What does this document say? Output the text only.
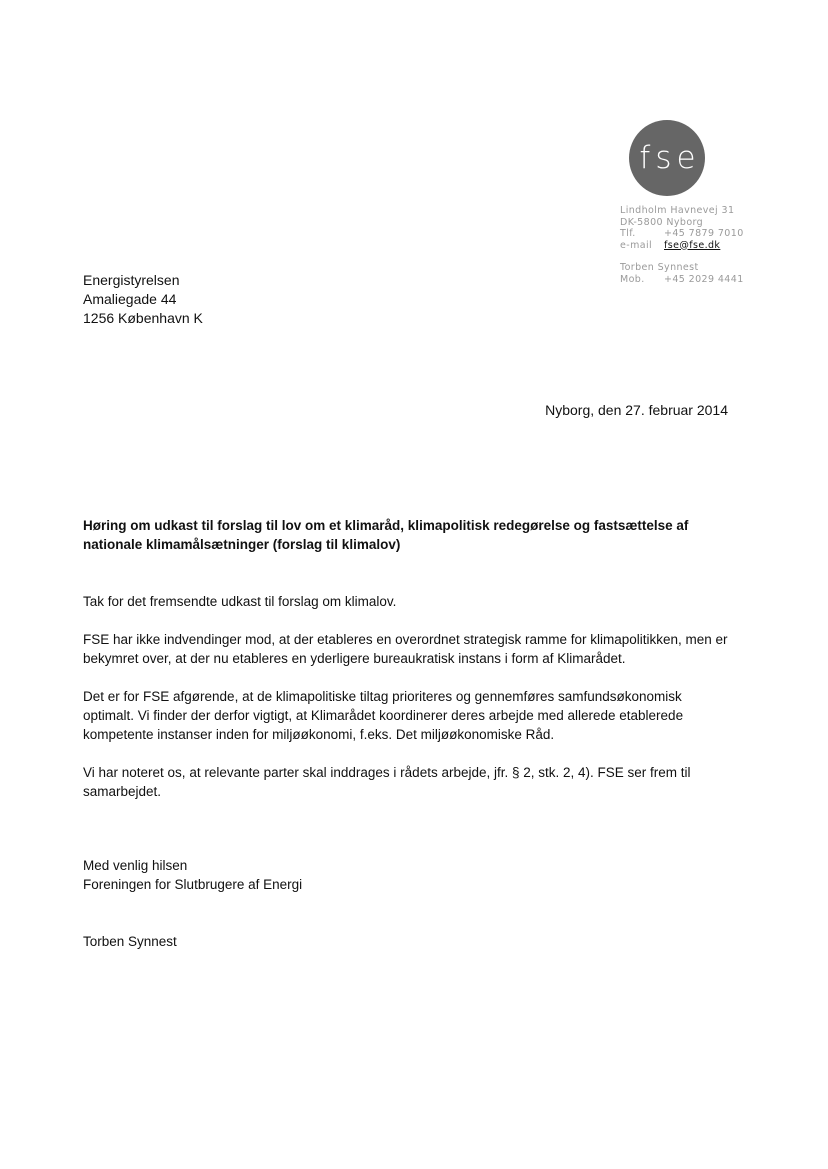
fse
Lindholm Havnevej 31
DK-5800 Nyborg
Tlf.	+45 7879 7010
e-mail fse@fse.dk
Torben Synnest
Mob. +45 2029 4441
Energistyrelsen
Amaliegade 44
1256 København K
Nyborg, den 27. februar 2014
Høring om udkast til forslag til lov om et klimaråd, klimapolitisk redegørelse og fastsættelse af nationale klimamålsætninger (forslag til klimalov)

Tak for det fremsendte udkast til forslag om klimalov.

FSE har ikke indvendinger mod, at der etableres en overordnet strategisk ramme for klimapolitikken, men er bekymret over, at der nu etableres en yderligere bureaukratisk instans i form af Klimarådet.

Det er for FSE afgørende, at de klimapolitiske tiltag prioriteres og gennemføres samfundsøkonomisk optimalt. Vi finder der derfor vigtigt, at Klimarådet koordinerer deres arbejde med allerede etablerede kompetente instanser inden for miljøøkonomi, f.eks. Det miljøøkonomiske Råd.

Vi har noteret os, at relevante parter skal inddrages i rådets arbejde, jfr. § 2, stk. 2, 4). FSE ser frem til samarbejdet.

Med venlig hilsen
Foreningen for Slutbrugere af Energi
Torben Synnest
